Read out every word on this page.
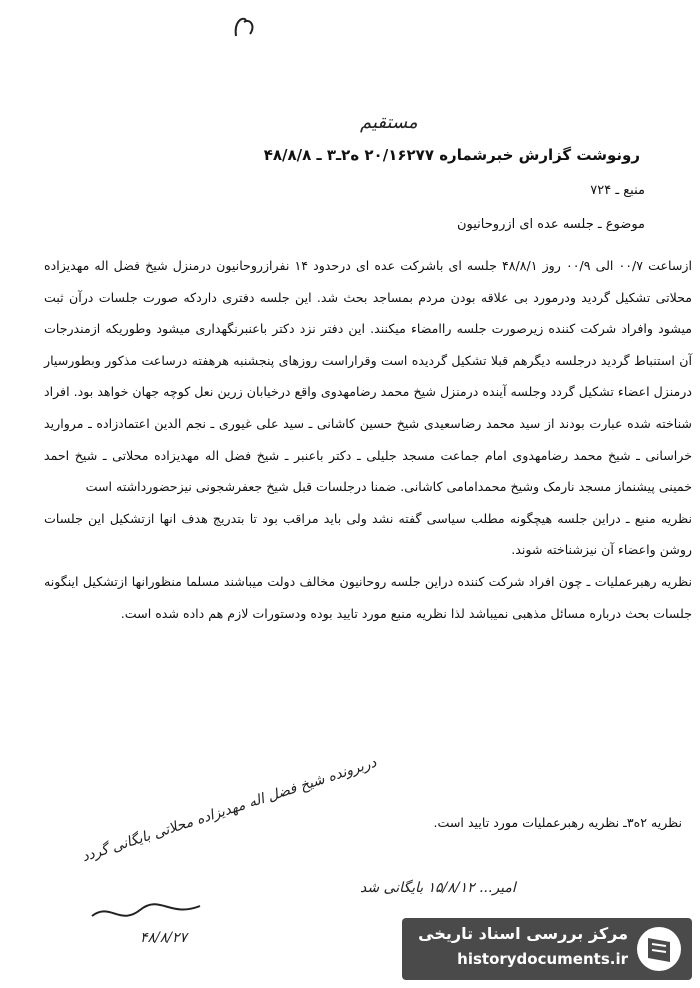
مستقیم
رونوشت گزارش خبرشماره ۲۰/۱۶۲۷۷ ه۲ـ۳ ـ ۴۸/۸/۸
منبع ـ ۷۲۴
موضوع ـ جلسه عده ای ازروحانیون

ازساعت ۰۰/۷ الی ۰۰/۹ روز ۴۸/۸/۱ جلسه ای باشرکت عده ای درحدود ۱۴ نفرازروحانیون درمنزل شیخ فضل اله مهدیزاده محلاتی تشکیل گردید ودرمورد بی علاقه بودن مردم بمساجد بحث شد. این جلسه دفتری داردکه صورت جلسات درآن ثبت میشود وافراد شرکت کننده زیرصورت جلسه راامضاء میکنند. این دفتر نزد دکتر باعنبرنگهداری میشود وطوریکه ازمندرجات آن استنباط گردید درجلسه دیگرهم قبلا تشکیل گردیده است وقراراست روزهای پنجشنبه هرهفته درساعت مذکور وبطورسیار درمنزل اعضاء تشکیل گردد وجلسه آینده درمنزل شیخ محمد رضامهدوی واقع درخیابان زرین نعل کوچه جهان خواهد بود. افراد شناخته شده عبارت بودند از سید محمد رضاسعیدی شیخ حسین کاشانی ـ سید علی غیوری ـ نجم الدین اعتمادزاده ـ مروارید خراسانی ـ شیخ محمد رضامهدوی امام جماعت مسجد جلیلی ـ دکتر باعنبر ـ شیخ فضل اله مهدیزاده محلاتی ـ شیخ احمد خمینی پیشنماز مسجد نارمک وشیخ محمدامامی کاشانی. ضمنا درجلسات قبل شیخ جعفرشجونی نیزحضورداشته است

نظریه منبع ـ دراین جلسه هیچگونه مطلب سیاسی گفته نشد ولی باید مراقب بود تا بتدریج هدف انها ازتشکیل این جلسات روشن واعضاء آن نیزشناخته شوند.

نظریه رهبرعملیات ـ چون افراد شرکت کننده دراین جلسه روحانیون مخالف دولت میباشند مسلما منظورانها ازتشکیل اینگونه جلسات بحث درباره مسائل مذهبی نمیباشد لذا نظریه منبع مورد تایید بوده ودستورات لازم هم داده شده است.

نظریه ۲ه۳ـ نظریه رهبرعملیات مورد تایید است.
دربرونده شیخ فضل اله مهدیزاده محلاتی بایگانی گردد
۴۸/۸/۲۷
امیر... ۱۵/۸/۱۲ بایگانی شد
مرکز بررسی اسناد تاریخی
historydocuments.ir
